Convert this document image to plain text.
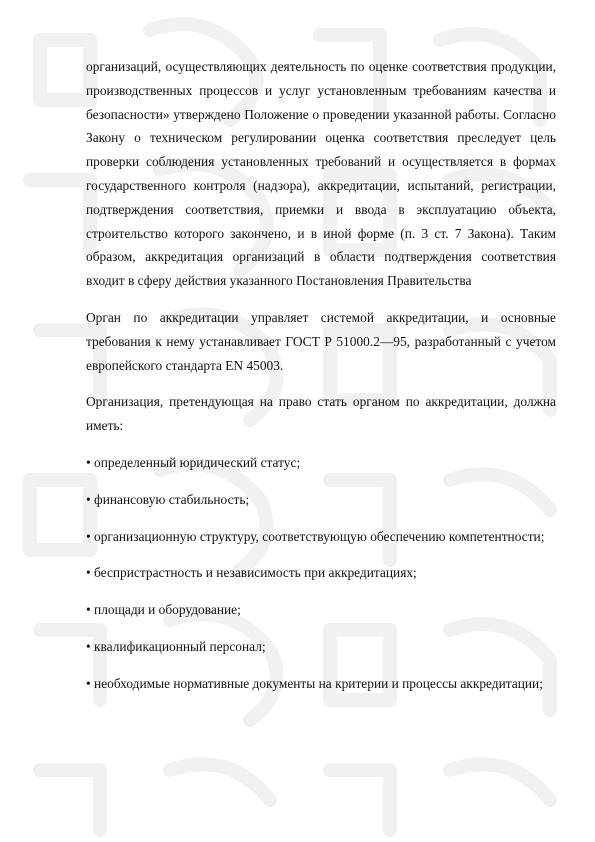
организаций, осуществляющих деятельность по оценке соответствия продукции, производственных процессов и услуг установленным требованиям качества и безопасности» утверждено Положение о проведении указанной работы. Согласно Закону о техническом регулировании оценка соответствия преследует цель проверки соблюдения установленных требований и осуществляется в формах государственного контроля (надзора), аккредитации, испытаний, регистрации, подтверждения соответствия, приемки и ввода в эксплуатацию объекта, строительство которого закончено, и в иной форме (п. 3 ст. 7 Закона). Таким образом, аккредитация организаций в области подтверждения соответствия входит в сферу действия указанного Постановления Правительства

Орган по аккредитации управляет системой аккредитации, и основные требования к нему устанавливает ГОСТ Р 51000.2—95, разработанный с учетом европейского стандарта EN 45003.

Организация, претендующая на право стать органом по аккредитации, должна иметь:

• определенный юридический статус;

• финансовую стабильность;

• организационную структуру, соответствующую обеспечению компетентности;

• беспристрастность и независимость при аккредитациях;

• площади и оборудование;

• квалификационный персонал;

• необходимые нормативные документы на критерии и процессы аккредитации;
